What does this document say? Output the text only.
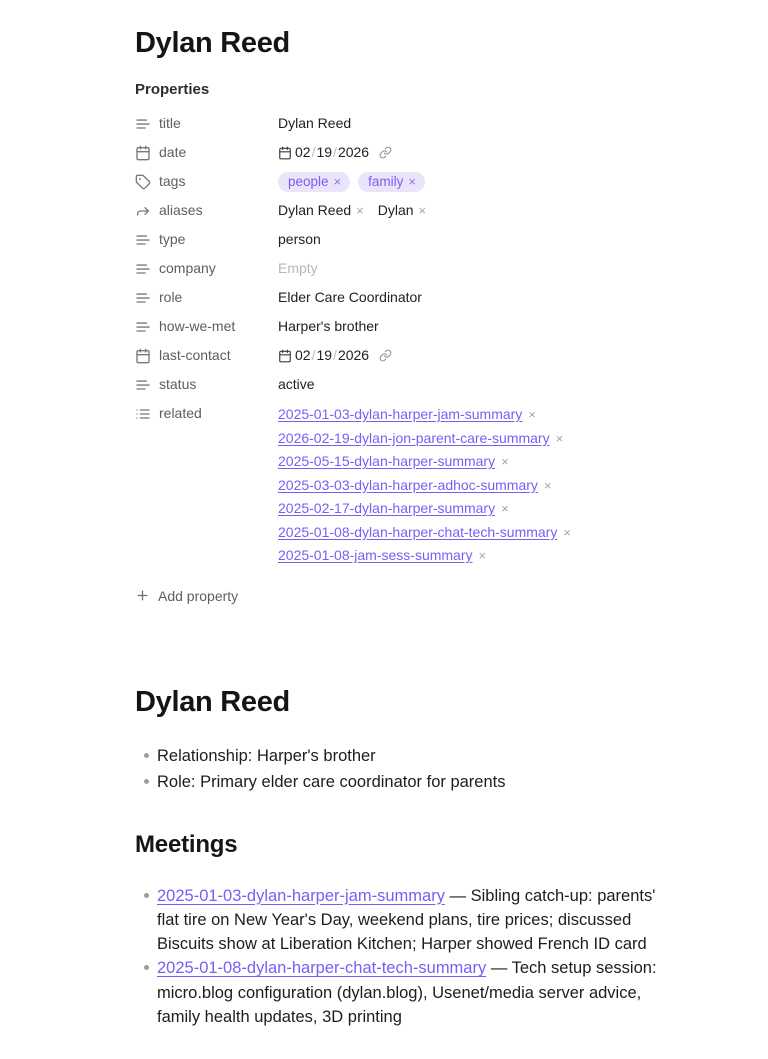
Dylan Reed
Properties
title	Dylan Reed
date	02 / 19 / 2026
tags	people × family ×
aliases	Dylan Reed × Dylan ×
type	person
company	Empty
role	Elder Care Coordinator
how-we-met	Harper's brother
last-contact	02 / 19 / 2026
status	active
related	2025-01-03-dylan-harper-jam-summary ×
2026-02-19-dylan-jon-parent-care-summary ×
2025-05-15-dylan-harper-summary ×
2025-03-03-dylan-harper-adhoc-summary ×
2025-02-17-dylan-harper-summary ×
2025-01-08-dylan-harper-chat-tech-summary ×
2025-01-08-jam-sess-summary ×
Add property
Dylan Reed
Relationship: Harper's brother
Role: Primary elder care coordinator for parents
Meetings
2025-01-03-dylan-harper-jam-summary — Sibling catch-up: parents' flat tire on New Year's Day, weekend plans, tire prices; discussed Biscuits show at Liberation Kitchen; Harper showed French ID card
2025-01-08-dylan-harper-chat-tech-summary — Tech setup session: micro.blog configuration (dylan.blog), Usenet/media server advice, family health updates, 3D printing
